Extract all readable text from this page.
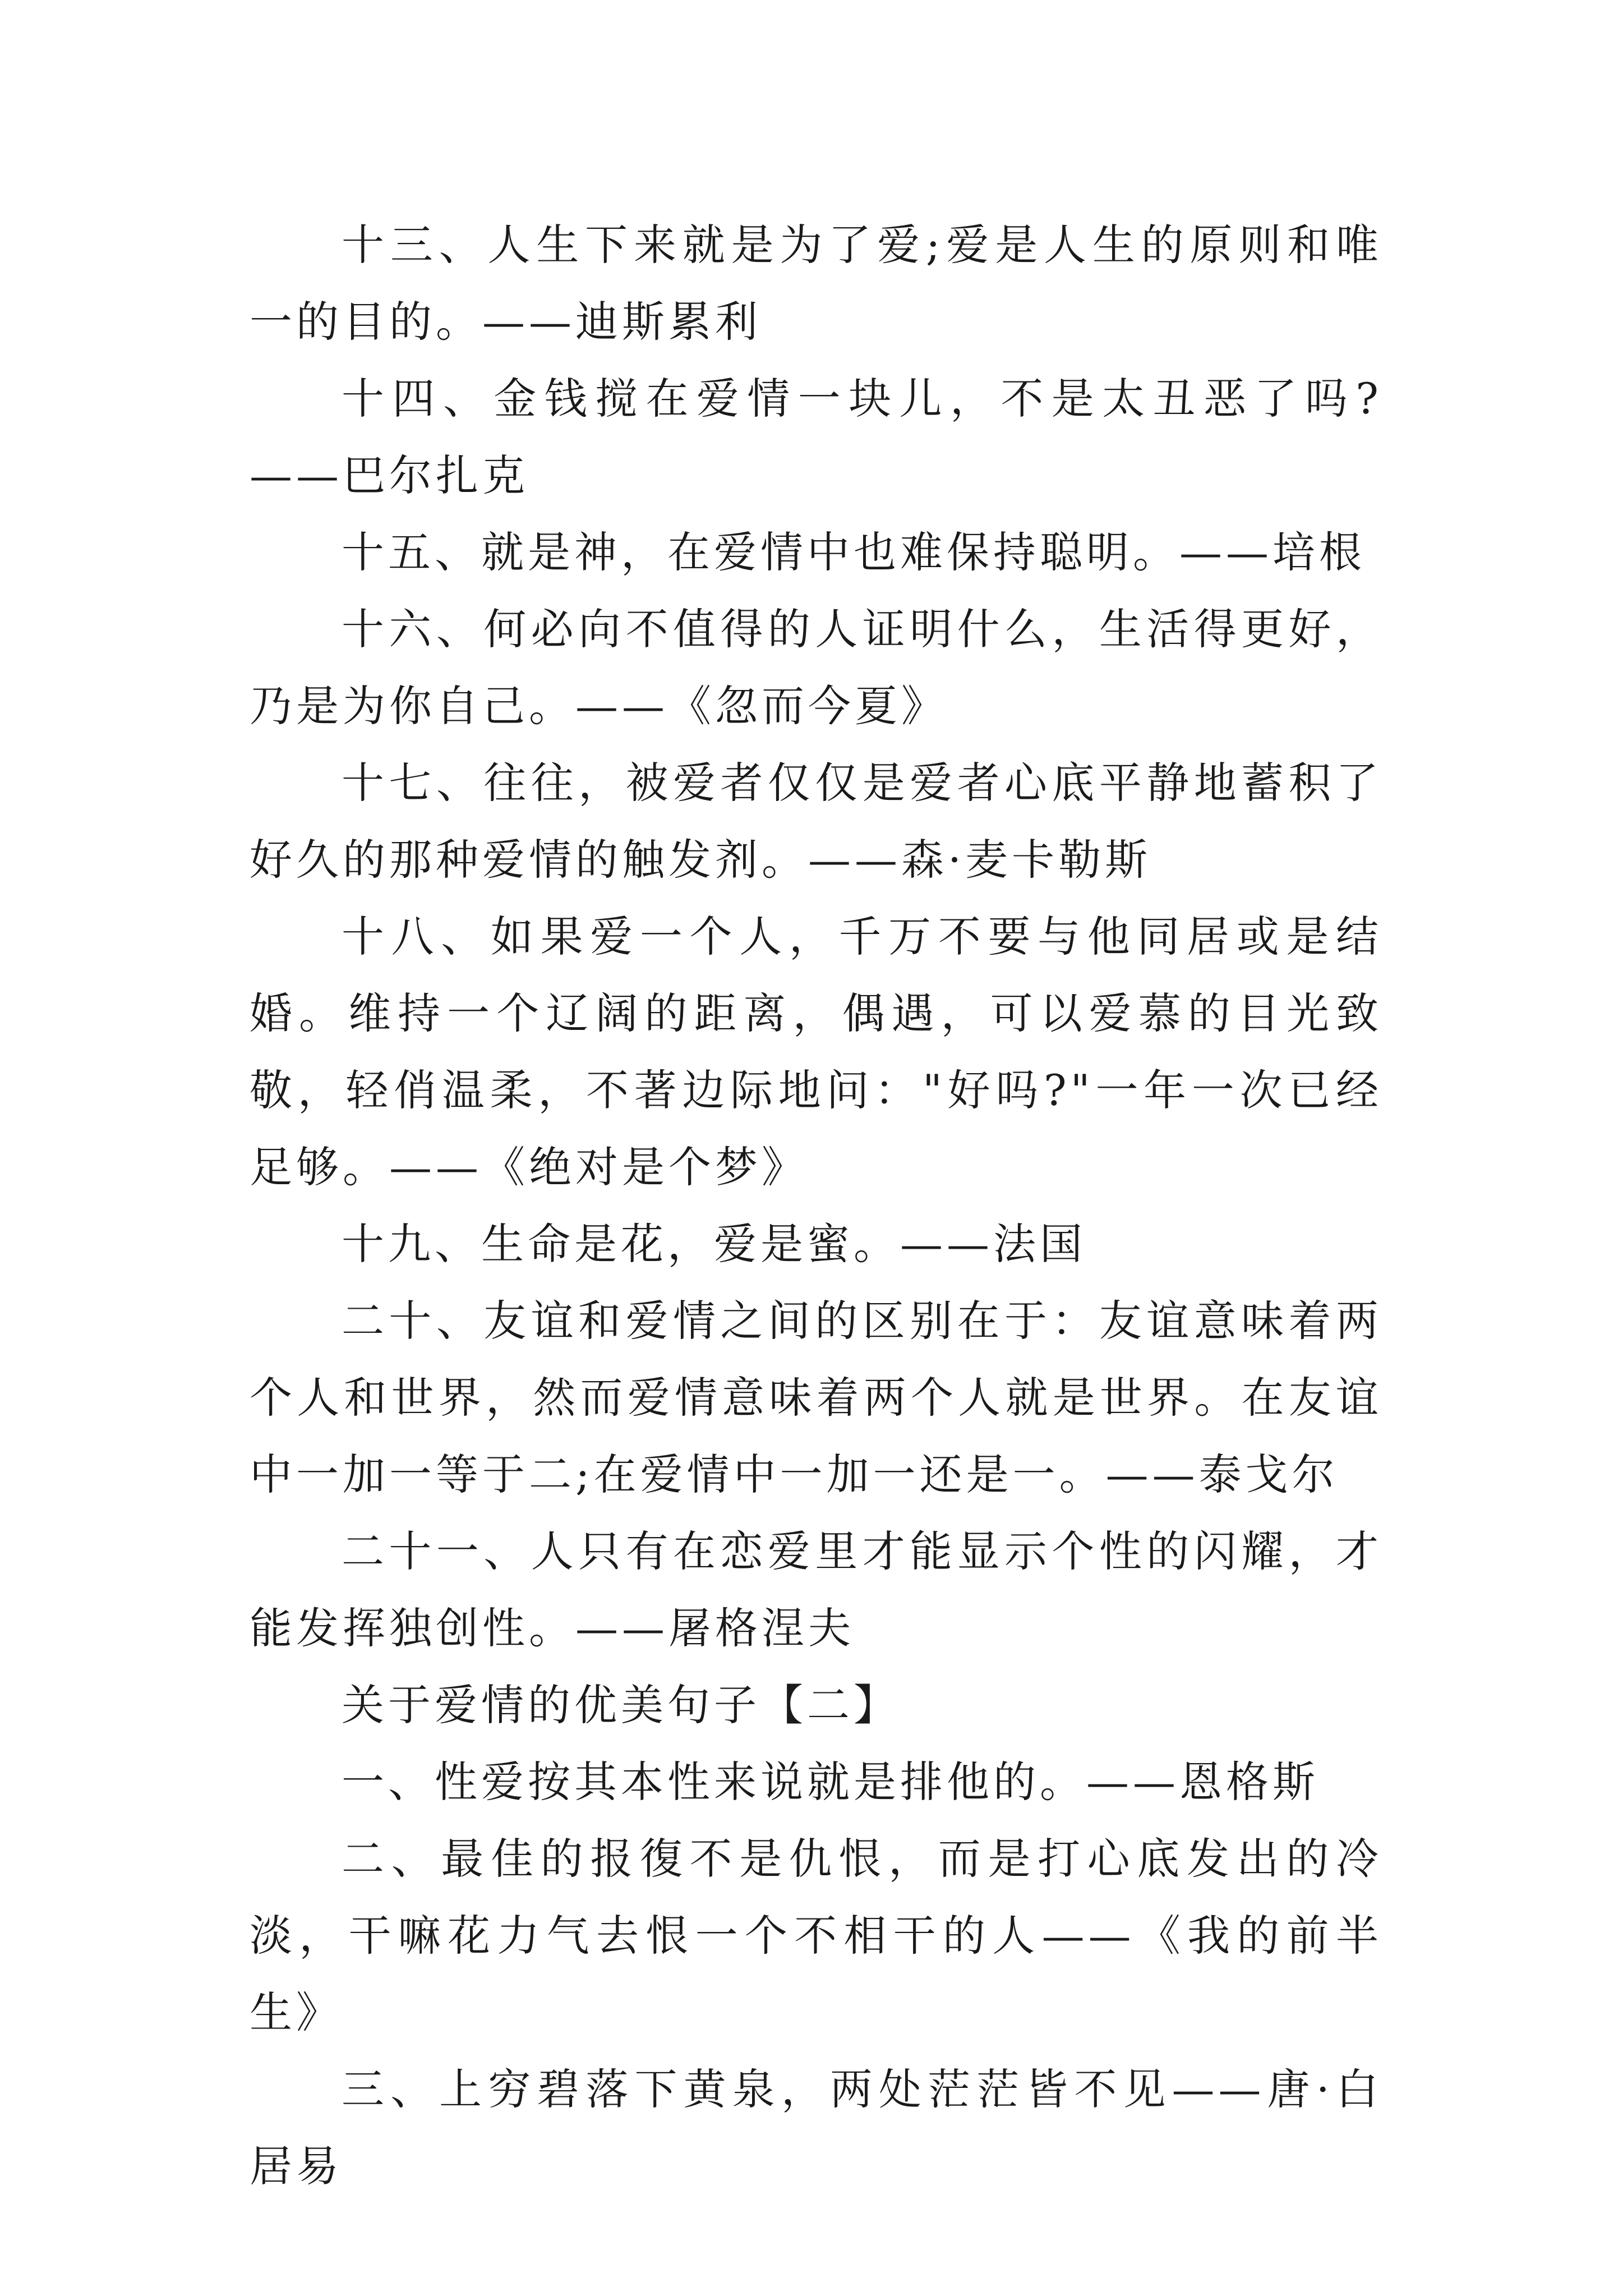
十三、人生下来就是为了爱;爱是人生的原则和唯一的目的。——迪斯累利

十四、金钱搅在爱情一块儿，不是太丑恶了吗?——巴尔扎克

十五、就是神，在爱情中也难保持聪明。——培根

十六、何必向不值得的人证明什么，生活得更好，乃是为你自己。——《忽而今夏》

十七、往往，被爱者仅仅是爱者心底平静地蓄积了好久的那种爱情的触发剂。——森·麦卡勒斯

十八、如果爱一个人，千万不要与他同居或是结婚。维持一个辽阔的距离，偶遇，可以爱慕的目光致敬，轻俏温柔，不著边际地问："好吗?"一年一次已经足够。——《绝对是个梦》

十九、生命是花，爱是蜜。——法国

二十、友谊和爱情之间的区别在于：友谊意味着两个人和世界，然而爱情意味着两个人就是世界。在友谊中一加一等于二;在爱情中一加一还是一。——泰戈尔

二十一、人只有在恋爱里才能显示个性的闪耀，才能发挥独创性。——屠格涅夫

关于爱情的优美句子【二】

一、性爱按其本性来说就是排他的。——恩格斯

二、最佳的报復不是仇恨，而是打心底发出的冷淡，干嘛花力气去恨一个不相干的人——《我的前半生》

三、上穷碧落下黄泉，两处茫茫皆不见——唐·白居易
